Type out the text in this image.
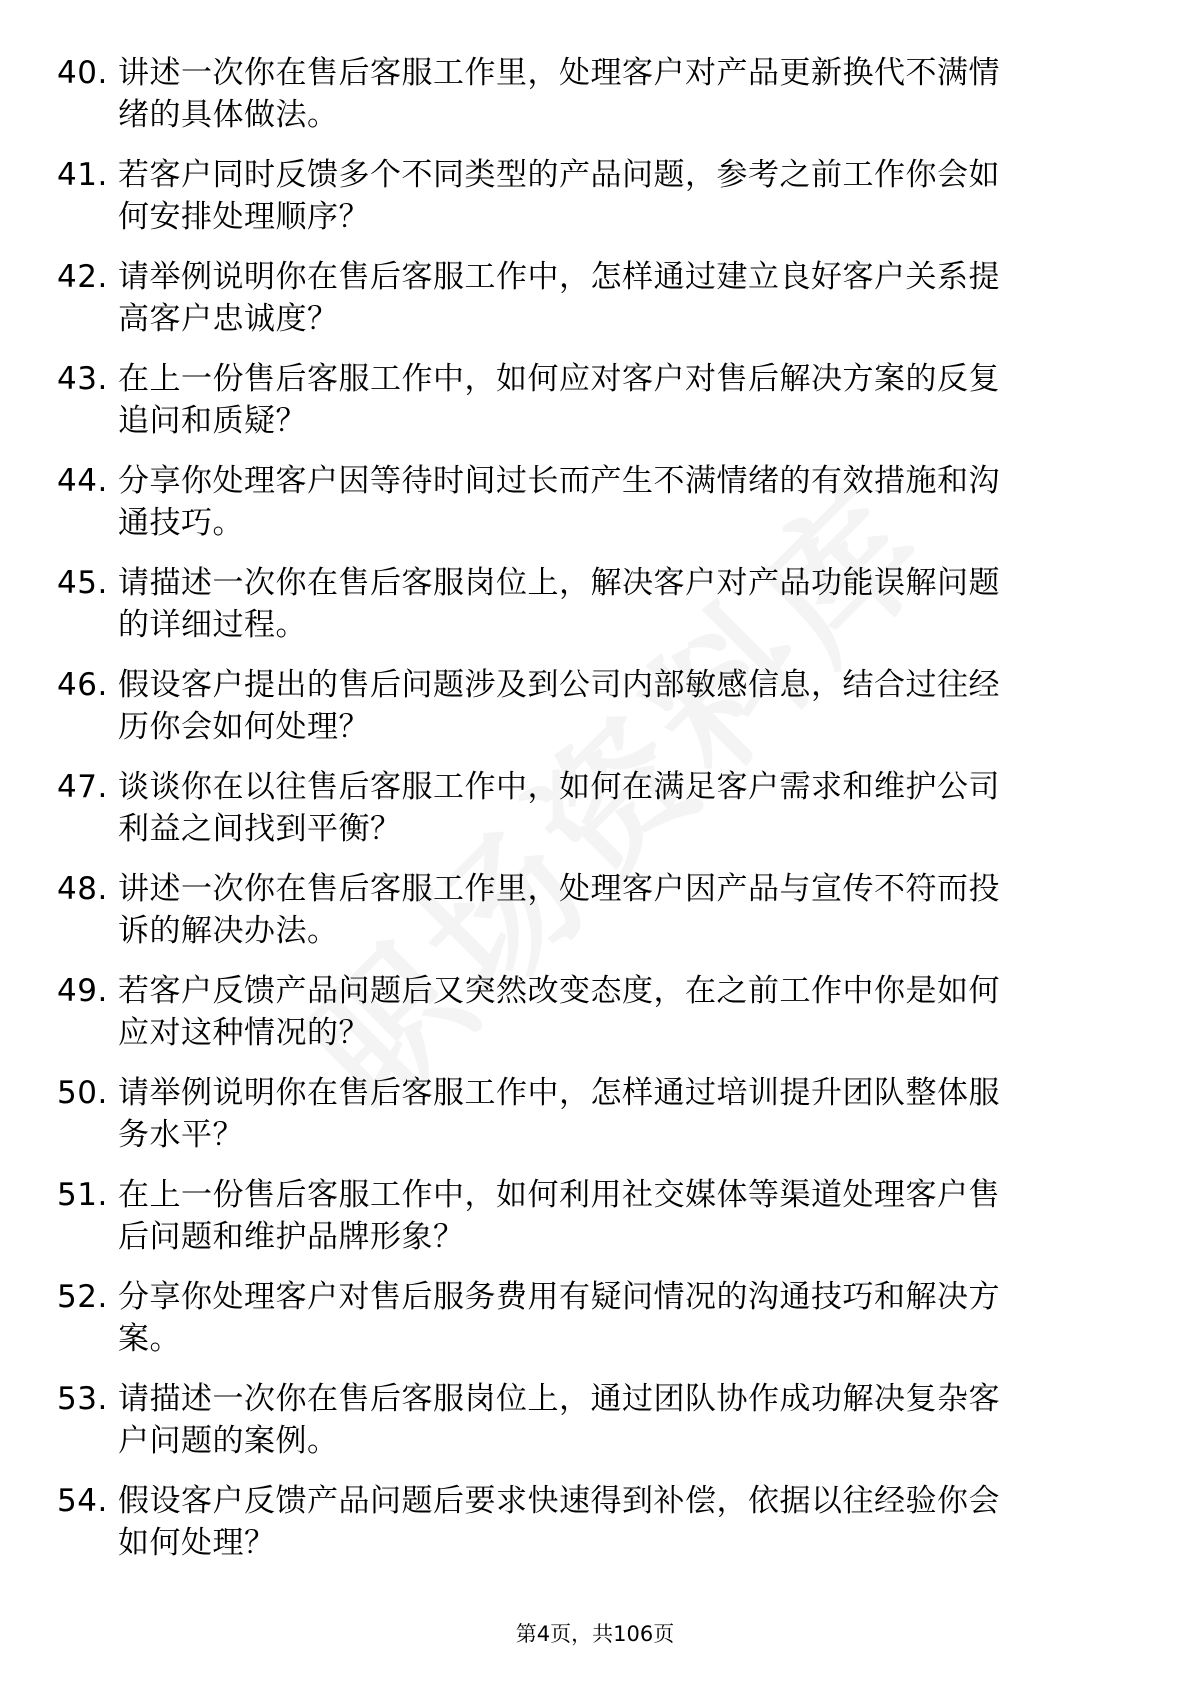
40. 讲述一次你在售后客服工作里，处理客户对产品更新换代不满情绪的具体做法。
41. 若客户同时反馈多个不同类型的产品问题，参考之前工作你会如何安排处理顺序？
42. 请举例说明你在售后客服工作中，怎样通过建立良好客户关系提高客户忠诚度？
43. 在上一份售后客服工作中，如何应对客户对售后解决方案的反复追问和质疑？
44. 分享你处理客户因等待时间过长而产生不满情绪的有效措施和沟通技巧。
45. 请描述一次你在售后客服岗位上，解决客户对产品功能误解问题的详细过程。
46. 假设客户提出的售后问题涉及到公司内部敏感信息，结合过往经历你会如何处理？
47. 谈谈你在以往售后客服工作中，如何在满足客户需求和维护公司利益之间找到平衡？
48. 讲述一次你在售后客服工作里，处理客户因产品与宣传不符而投诉的解决办法。
49. 若客户反馈产品问题后又突然改变态度，在之前工作中你是如何应对这种情况的？
50. 请举例说明你在售后客服工作中，怎样通过培训提升团队整体服务水平？
51. 在上一份售后客服工作中，如何利用社交媒体等渠道处理客户售后问题和维护品牌形象？
52. 分享你处理客户对售后服务费用有疑问情况的沟通技巧和解决方案。
53. 请描述一次你在售后客服岗位上，通过团队协作成功解决复杂客户问题的案例。
54. 假设客户反馈产品问题后要求快速得到补偿，依据以往经验你会如何处理？
第4页，共106页
